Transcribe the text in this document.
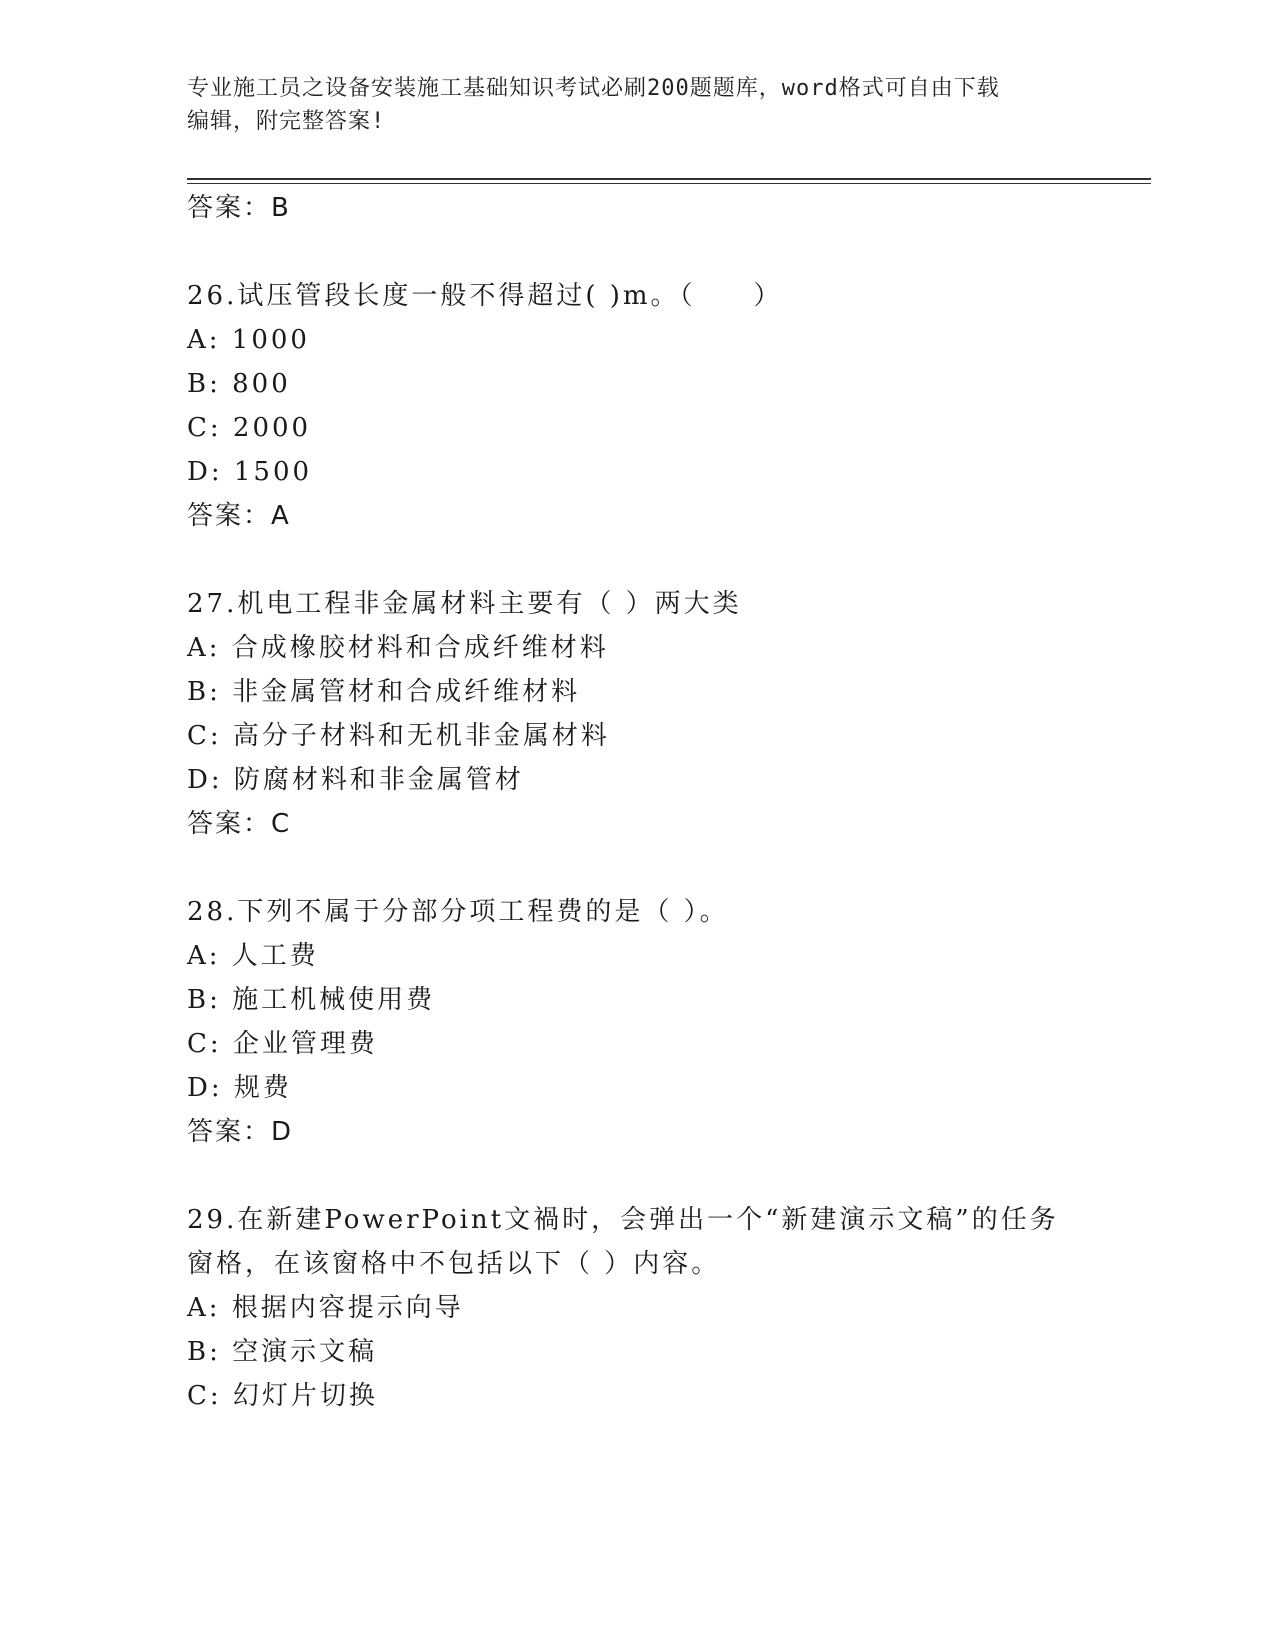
专业施工员之设备安装施工基础知识考试必刷200题题库，word格式可自由下载
编辑，附完整答案!
答案：B
26.试压管段长度一般不得超过( )m。（　　）
A: 1000
B: 800
C: 2000
D: 1500
答案：A
27.机电工程非金属材料主要有（ ）两大类
A: 合成橡胶材料和合成纤维材料
B: 非金属管材和合成纤维材料
C: 高分子材料和无机非金属材料
D: 防腐材料和非金属管材
答案：C
28.下列不属于分部分项工程费的是（ ）。
A: 人工费
B: 施工机械使用费
C: 企业管理费
D: 规费
答案：D
29.在新建PowerPoint文禍时，会弹出一个“新建演示文稿”的任务
窗格，在该窗格中不包括以下（ ）内容。
A: 根据内容提示向导
B: 空演示文稿
C: 幻灯片切换
